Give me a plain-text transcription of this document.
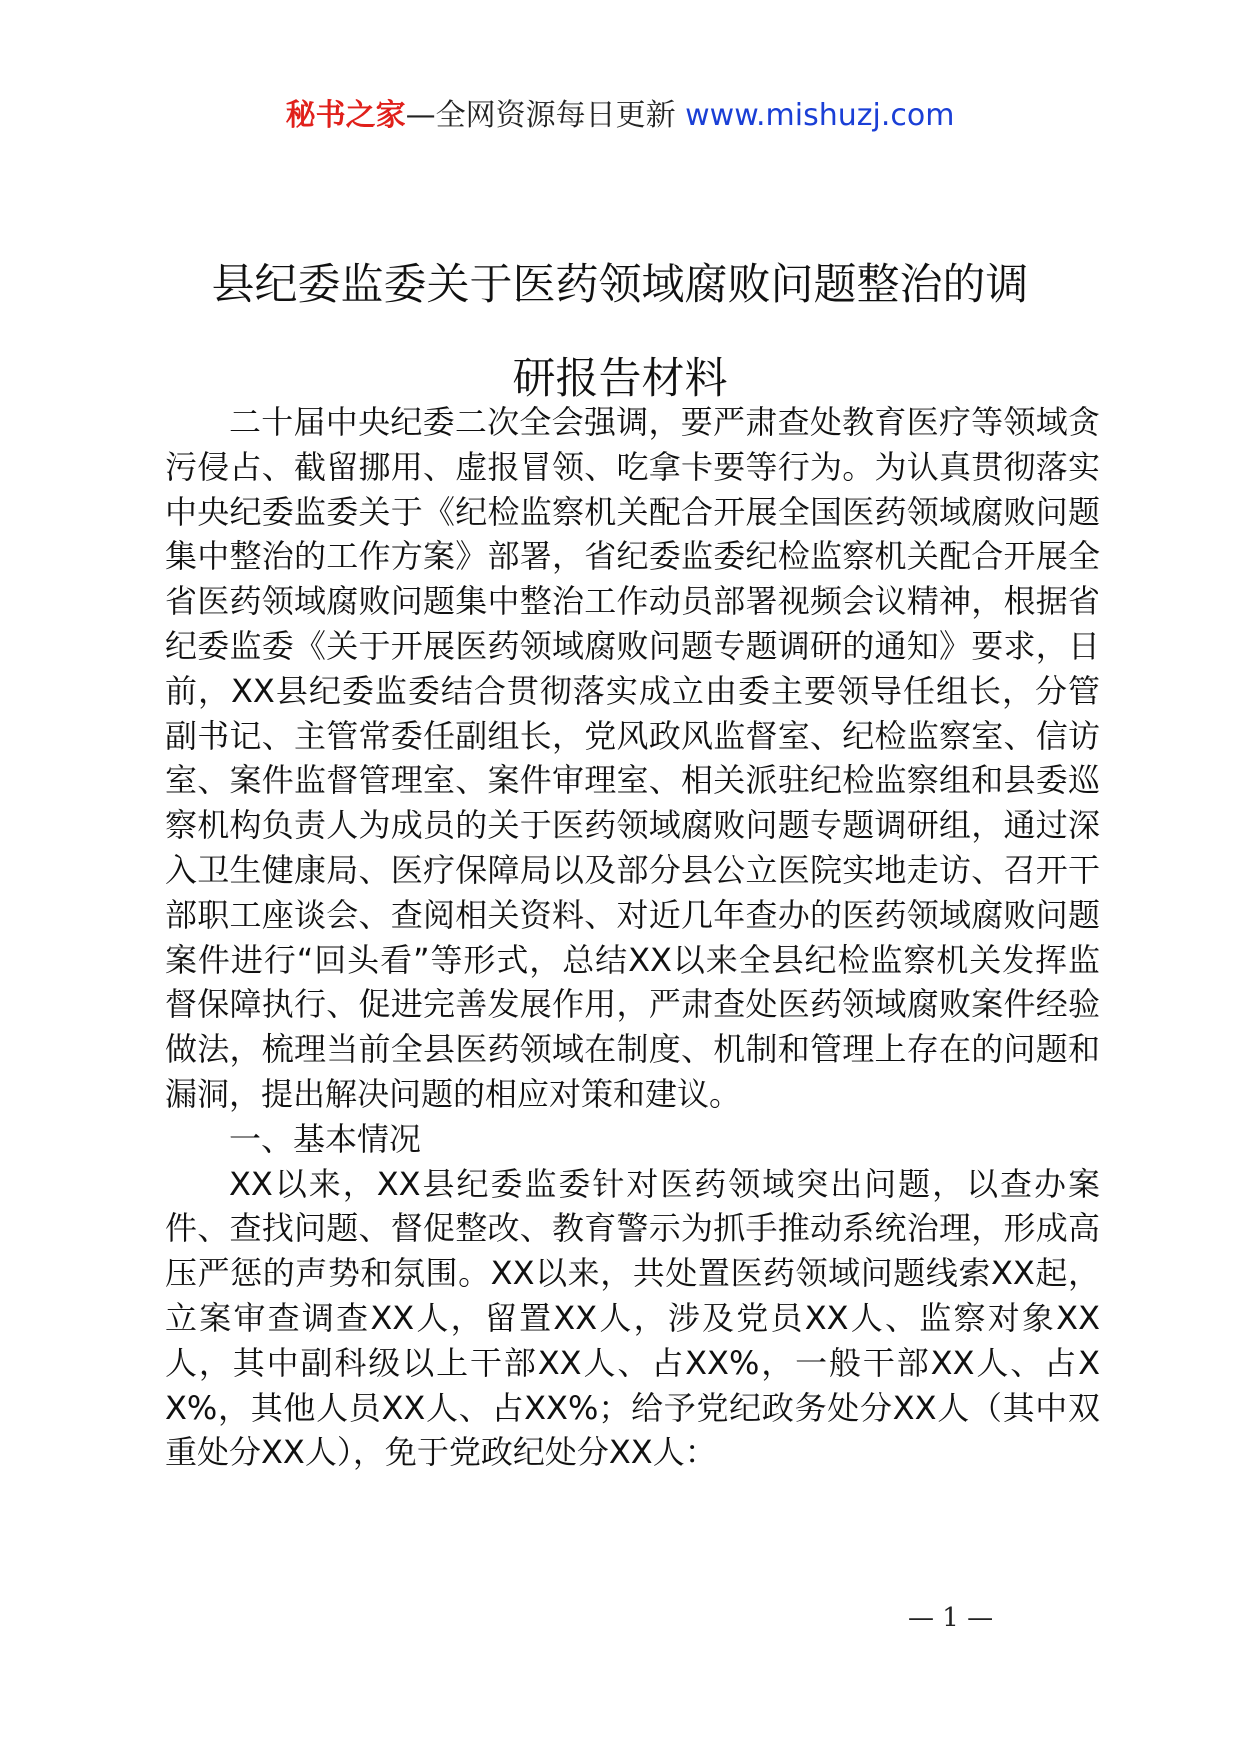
秘书之家—全网资源每日更新 www.mishuzj.com
县纪委监委关于医药领域腐败问题整治的调
研报告材料

二十届中央纪委二次全会强调，要严肃查处教育医疗等领域贪污侵占、截留挪用、虚报冒领、吃拿卡要等行为。为认真贯彻落实中央纪委监委关于《纪检监察机关配合开展全国医药领域腐败问题集中整治的工作方案》部署，省纪委监委纪检监察机关配合开展全省医药领域腐败问题集中整治工作动员部署视频会议精神，根据省纪委监委《关于开展医药领域腐败问题专题调研的通知》要求，日前，XX县纪委监委结合贯彻落实成立由委主要领导任组长，分管副书记、主管常委任副组长，党风政风监督室、纪检监察室、信访室、案件监督管理室、案件审理室、相关派驻纪检监察组和县委巡察机构负责人为成员的关于医药领域腐败问题专题调研组，通过深入卫生健康局、医疗保障局以及部分县公立医院实地走访、召开干部职工座谈会、查阅相关资料、对近几年查办的医药领域腐败问题案件进行“回头看”等形式，总结XX以来全县纪检监察机关发挥监督保障执行、促进完善发展作用，严肃查处医药领域腐败案件经验做法，梳理当前全县医药领域在制度、机制和管理上存在的问题和漏洞，提出解决问题的相应对策和建议。

一、基本情况

XX以来，XX县纪委监委针对医药领域突出问题，以查办案件、查找问题、督促整改、教育警示为抓手推动系统治理，形成高压严惩的声势和氛围。XX以来，共处置医药领域问题线索XX起，立案审查调查XX人，留置XX人，涉及党员XX人、监察对象XX人，其中副科级以上干部XX人、占XX%，一般干部XX人、占XX%，其他人员XX人、占XX%；给予党纪政务处分XX人（其中双重处分XX人），免于党政纪处分XX人：

— 1 —
